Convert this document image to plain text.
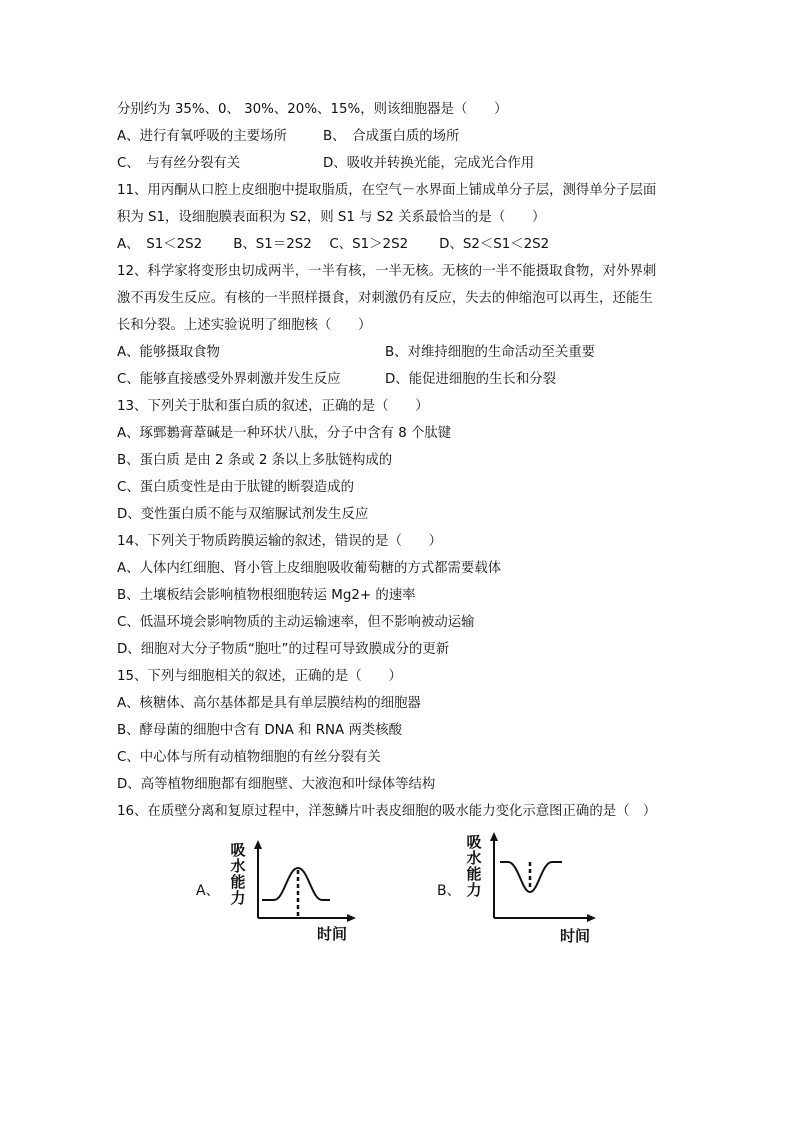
分别约为 35%、0、 30%、20%、15%，则该细胞器是（　　）
A、进行有氧呼吸的主要场所	B、　合成蛋白质的场所
C、　与有丝分裂有关	D、吸收并转换光能，完成光合作用
11、用丙酮从口腔上皮细胞中提取脂质，在空气－水界面上铺成单分子层，测得单分子层面
积为 S1，设细胞膜表面积为 S2，则 S1 与 S2 关系最恰当的是（　　）
A、　S1＜2S2　　 B、S1＝2S2　 C、S1＞2S2　　 D、S2＜S1＜2S2
12、科学家将变形虫切成两半，一半有核，一半无核。无核的一半不能摄取食物，对外界刺
激不再发生反应。有核的一半照样摄食，对刺激仍有反应，失去的伸缩泡可以再生，还能生
长和分裂。上述实验说明了细胞核（　　）
A、能够摄取食物	B、对维持细胞的生命活动至关重要
C、能够直接感受外界刺激并发生反应	D、能促进细胞的生长和分裂
13、下列关于肽和蛋白质的叙述，正确的是（　　）
A、琢鄄鶈膏葦碱是一种环状八肽，分子中含有 8 个肽键
B、蛋白质 是由 2 条或 2 条以上多肽链构成的
C、蛋白质变性是由于肽键的断裂造成的
D、变性蛋白质不能与双缩脲试剂发生反应
14、下列关于物质跨膜运输的叙述，错误的是（　　）
A、人体内红细胞、肾小管上皮细胞吸收葡萄糖的方式都需要载体
B、土壤板结会影响植物根细胞转运 Mg2+ 的速率
C、低温环境会影响物质的主动运输速率，但不影响被动运输
D、细胞对大分子物质“胞吐”的过程可导致膜成分的更新
15、下列与细胞相关的叙述，正确的是（　　）
A、核糖体、高尔基体都是具有单层膜结构的细胞器
B、酵母菌的细胞中含有 DNA 和 RNA 两类核酸
C、中心体与所有动植物细胞的有丝分裂有关
D、高等植物细胞都有细胞壁、大液泡和叶绿体等结构
16、在质壁分离和复原过程中，洋葱鳞片叶表皮细胞的吸水能力变化示意图正确的是（　）
A、
吸水能力
时间
B、
吸水能力
时间
